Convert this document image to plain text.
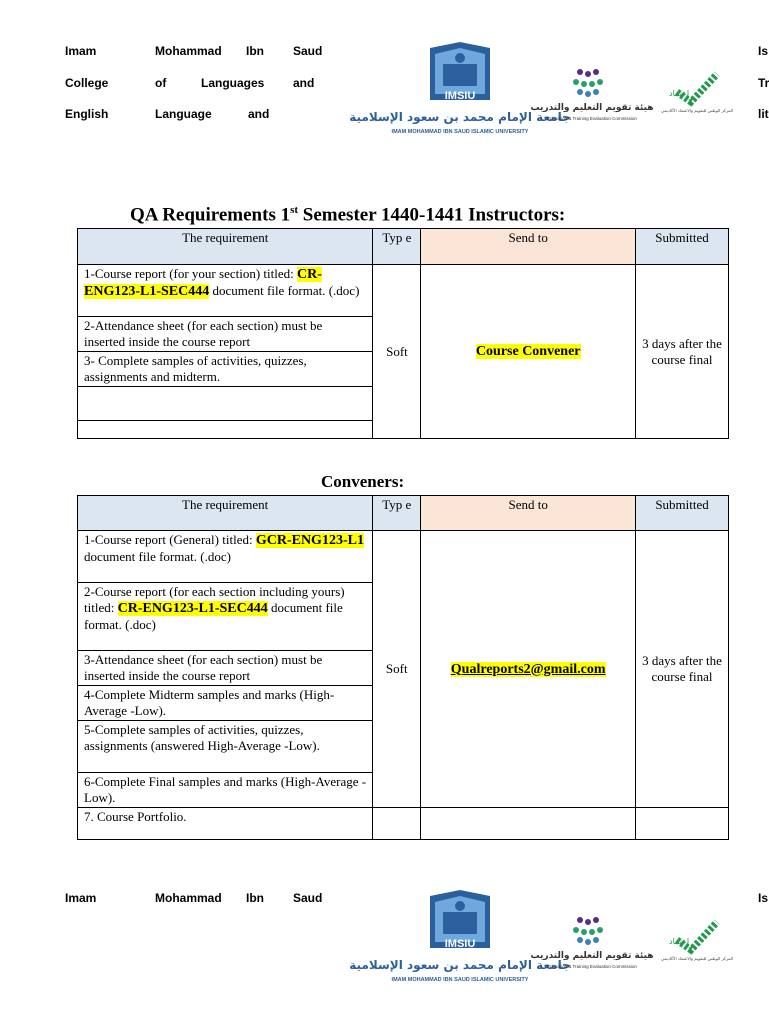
Imam	Mohammad Ibn Saud
College	of	Languages and
English	Language	and
Is
Tr
lit
IMSIU
جامعة الإمام محمد بن سعود الإسلامية
IMAM MOHAMMAD IBN SAUD ISLAMIC UNIVERSITY
هيئة تقويم التعليم والتدريب
Education & Training Evaluation Commission
اعتماد
المركز الوطني للتقويم والاعتماد الأكاديمي
QA Requirements 1st Semester 1440-1441 Instructors:
The requirement	Typ e	Send to	Submitted
1-Course report (for your section) titled: CR-ENG123-L1-SEC444 document file format. (.doc)	Soft	Course Convener	3 days after the course final
2-Attendance sheet (for each section) must be inserted inside the course report			
3- Complete samples of activities, quizzes, assignments and midterm.			

Conveners:
The requirement	Typ e	Send to	Submitted
1-Course report (General) titled: GCR-ENG123-L1 document file format. (.doc)	Soft	Qualreports2@gmail.com	3 days after the course final
2-Course report (for each section including yours) titled: CR-ENG123-L1-SEC444 document file format. (.doc)			
3-Attendance sheet (for each section) must be inserted inside the course report			
4-Complete Midterm samples and marks (High-Average -Low).			
5-Complete samples of activities, quizzes, assignments (answered High-Average -Low).			
6-Complete Final samples and marks (High-Average -Low).			
7. Course Portfolio.			
Imam	Mohammad Ibn Saud	Is
IMSIU
جامعة الإمام محمد بن سعود الإسلامية
IMAM MOHAMMAD IBN SAUD ISLAMIC UNIVERSITY
هيئة تقويم التعليم والتدريب
Education & Training Evaluation Commission
اعتماد
المركز الوطني للتقويم والاعتماد الأكاديمي
